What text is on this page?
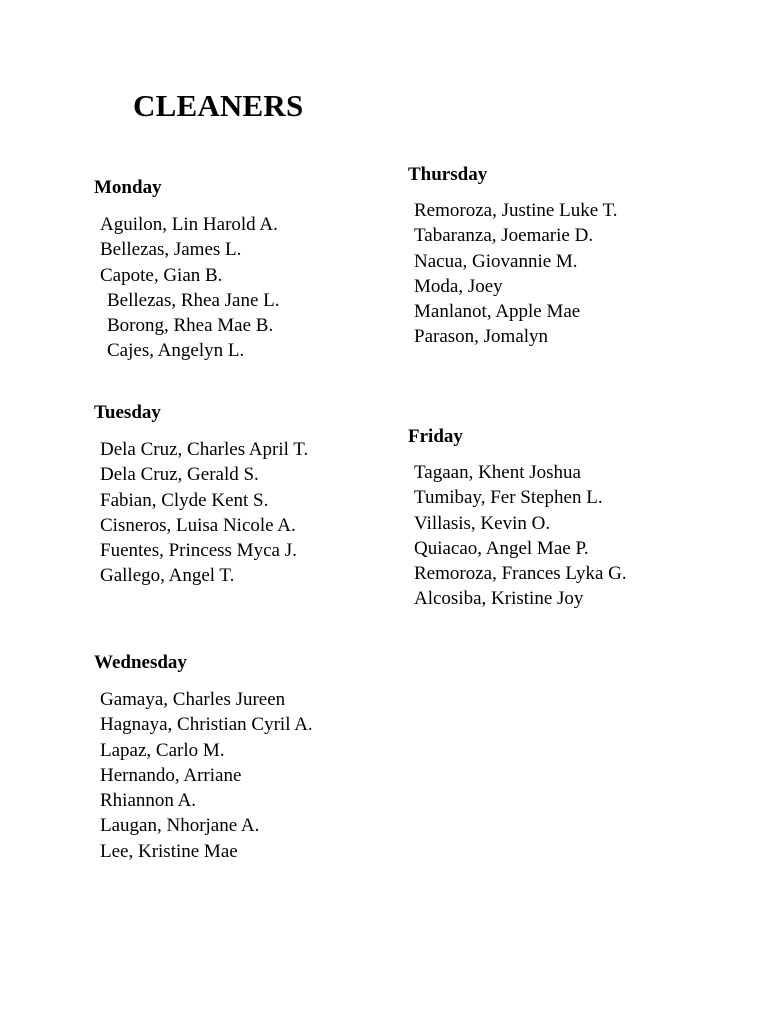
CLEANERS
Monday
Aguilon, Lin Harold A.
Bellezas, James L.
Capote, Gian B.
Bellezas, Rhea Jane L.
Borong, Rhea Mae B.
Cajes, Angelyn L.
Tuesday
Dela Cruz, Charles April T.
Dela Cruz, Gerald S.
Fabian, Clyde Kent S.
Cisneros, Luisa Nicole A.
Fuentes, Princess Myca J.
Gallego, Angel T.
Wednesday
Gamaya, Charles Jureen
Hagnaya, Christian Cyril A.
Lapaz, Carlo M.
Hernando, Arriane Rhiannon A.
Laugan, Nhorjane A.
Lee, Kristine Mae
Thursday
Remoroza, Justine Luke T.
Tabaranza, Joemarie D.
Nacua, Giovannie M.
Moda, Joey
Manlanot, Apple Mae
Parason, Jomalyn
Friday
Tagaan, Khent Joshua
Tumibay, Fer Stephen L.
Villasis, Kevin O.
Quiacao, Angel Mae P.
Remoroza, Frances Lyka G.
Alcosiba, Kristine Joy
